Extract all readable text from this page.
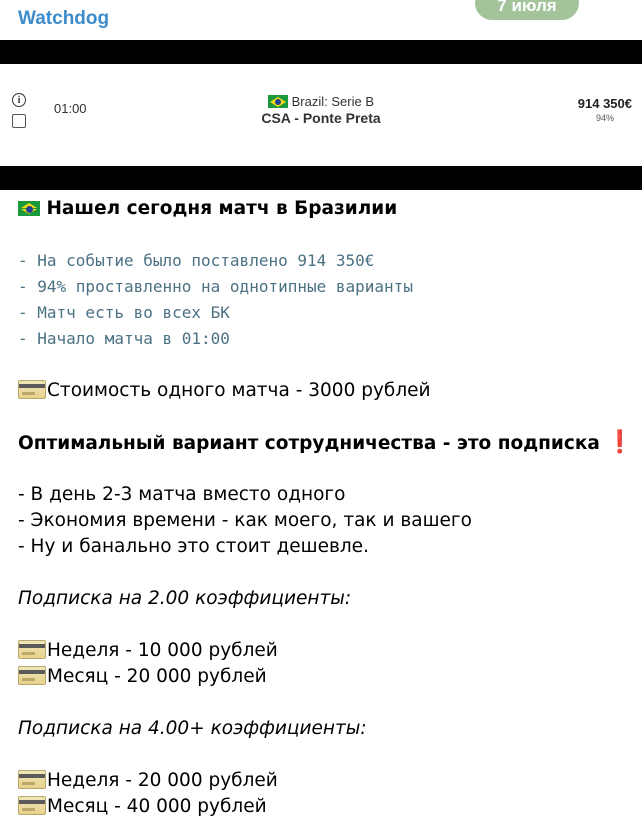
Watchdog
7 июля
i
01:00	Brazil: Serie B
CSA - Ponte Preta
914 350€
94%
Нашел сегодня матч в Бразилии
- На событие было поставлено 914 350€
- 94% проставленно на однотипные варианты
- Матч есть во всех БК
- Начало матча в 01:00
Стоимость одного матча - 3000 рублей
Оптимальный вариант сотрудничества - это подписка ❗
- В день 2-3 матча вместо одного
- Экономия времени - как моего, так и вашего
- Ну и банально это стоит дешевле.
Подписка на 2.00 коэффициенты:
Неделя - 10 000 рублей
Месяц - 20 000 рублей
Подписка на 4.00+ коэффициенты:
Неделя - 20 000 рублей
Месяц - 40 000 рублей
